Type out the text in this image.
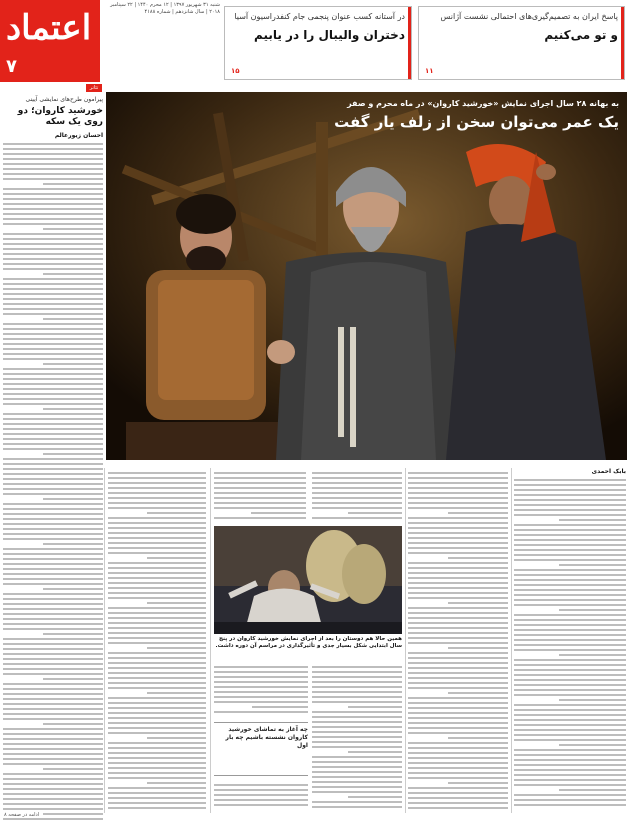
اعتماد
۷
شنبه ۳۱ شهریور ۱۳۹۷ | ۱۲ محرم ۱۴۴۰ | ۲۲ سپتامبر ۲۰۱۸ | سال شانزدهم | شماره ۴۱۸۸	پاسخ ایران به تصمیم‌گیری‌های احتمالی نشست آژانس
و تو می‌کنیم
۱۱
در آستانه کسب عنوان پنجمی جام کنفدراسیون آسیا
دختران والیبال را در یابیم
۱۵
تئاتر
پیرامون طرح‌های نمایشی آیینی
خورشید کاروان؛ دو روی یک سکه
احسان زیورعالم
به بهانه ۲۸ سال اجرای نمایش «خورشید کاروان» در ماه محرم و صفر
یک عمر می‌توان سخن از زلف یار گفت
بابک احمدی
همین حالا هم دوستان را بعد از اجرای نمایش خورشید کاروان در پنج سال ابتدایی شکل بسیار جدی و تأثیرگذاری در مراسم آن دوره داشت.
چه آغاز به تماشای خورشید کاروان نشسته باشیم چه بار اول
ادامه در صفحه ۸
